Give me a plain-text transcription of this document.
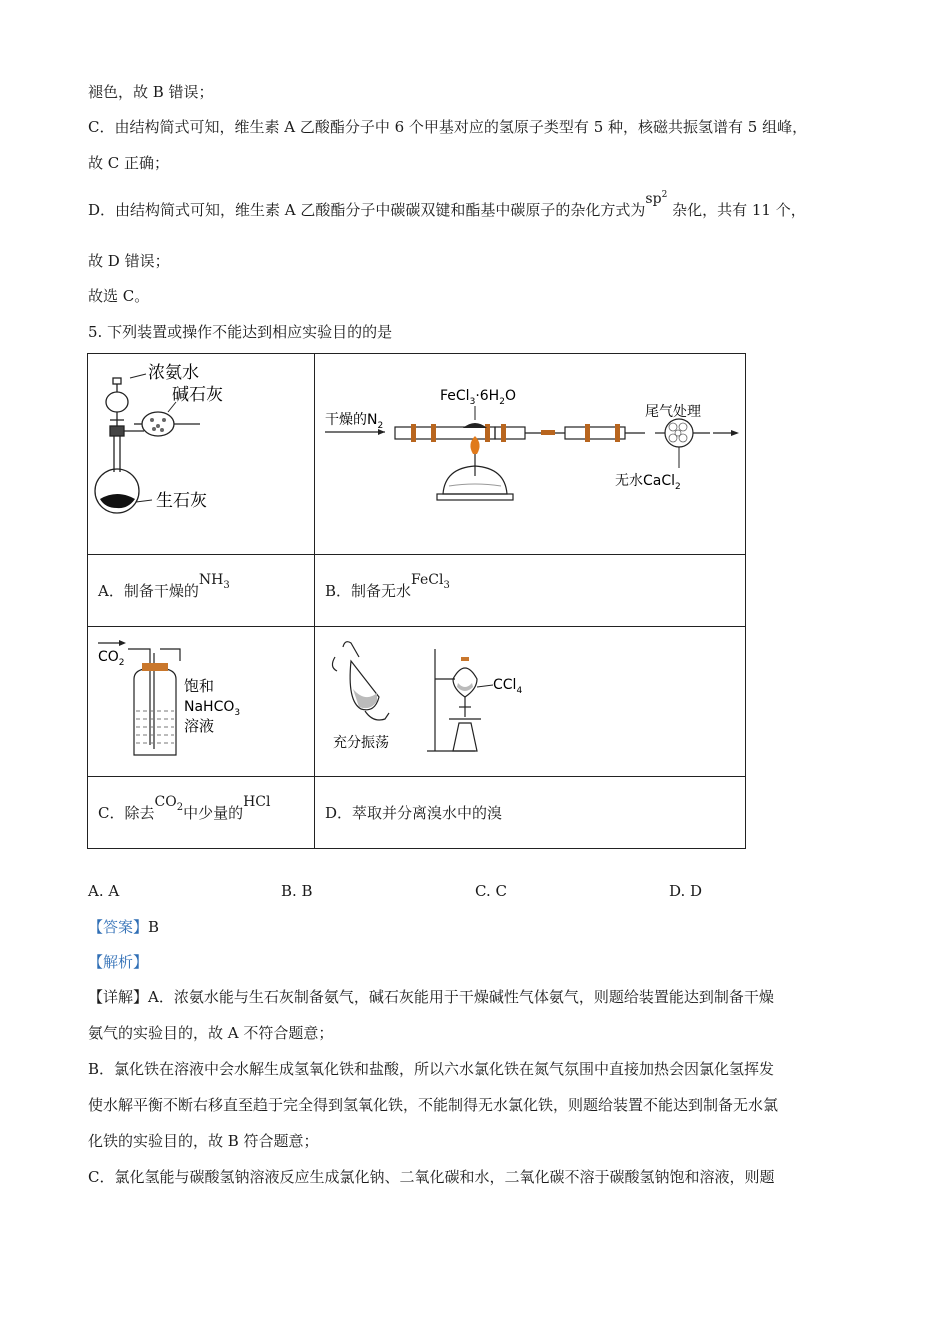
褪色，故 B 错误；
C．由结构简式可知，维生素 A 乙酸酯分子中 6 个甲基对应的氢原子类型有 5 种，核磁共振氢谱有 5 组峰，
故 C 正确；
D．由结构简式可知，维生素 A 乙酸酯分子中碳碳双键和酯基中碳原子的杂化方式为$sp^2$ 杂化，共有 11 个，
故 D 错误；
故选 C。
5. 下列装置或操作不能达到相应实验目的的是
浓氨水
碱石灰
生石灰	干燥的$N_2$
$FeCl_3\cdot 6H_2O$
尾气处理
无水CaCl$_2$

A．制备干燥的$NH_3$	B．制备无水FeCl$_3$

$CO_2$
饱和
NaHCO$_3$
溶液	CCl$_4$
充分振荡

C．除去$CO_2$中少量的HCl	D．萃取并分离溴水中的溴
A. A	B. B	C. C	D. D
【答案】B
【解析】
【详解】A．浓氨水能与生石灰制备氨气，碱石灰能用于干燥碱性气体氨气，则题给装置能达到制备干燥
氨气的实验目的，故 A 不符合题意；
B．氯化铁在溶液中会水解生成氢氧化铁和盐酸，所以六水氯化铁在氮气氛围中直接加热会因氯化氢挥发
使水解平衡不断右移直至趋于完全得到氢氧化铁，不能制得无水氯化铁，则题给装置不能达到制备无水氯
化铁的实验目的，故 B 符合题意；
C．氯化氢能与碳酸氢钠溶液反应生成氯化钠、二氧化碳和水，二氧化碳不溶于碳酸氢钠饱和溶液，则题
